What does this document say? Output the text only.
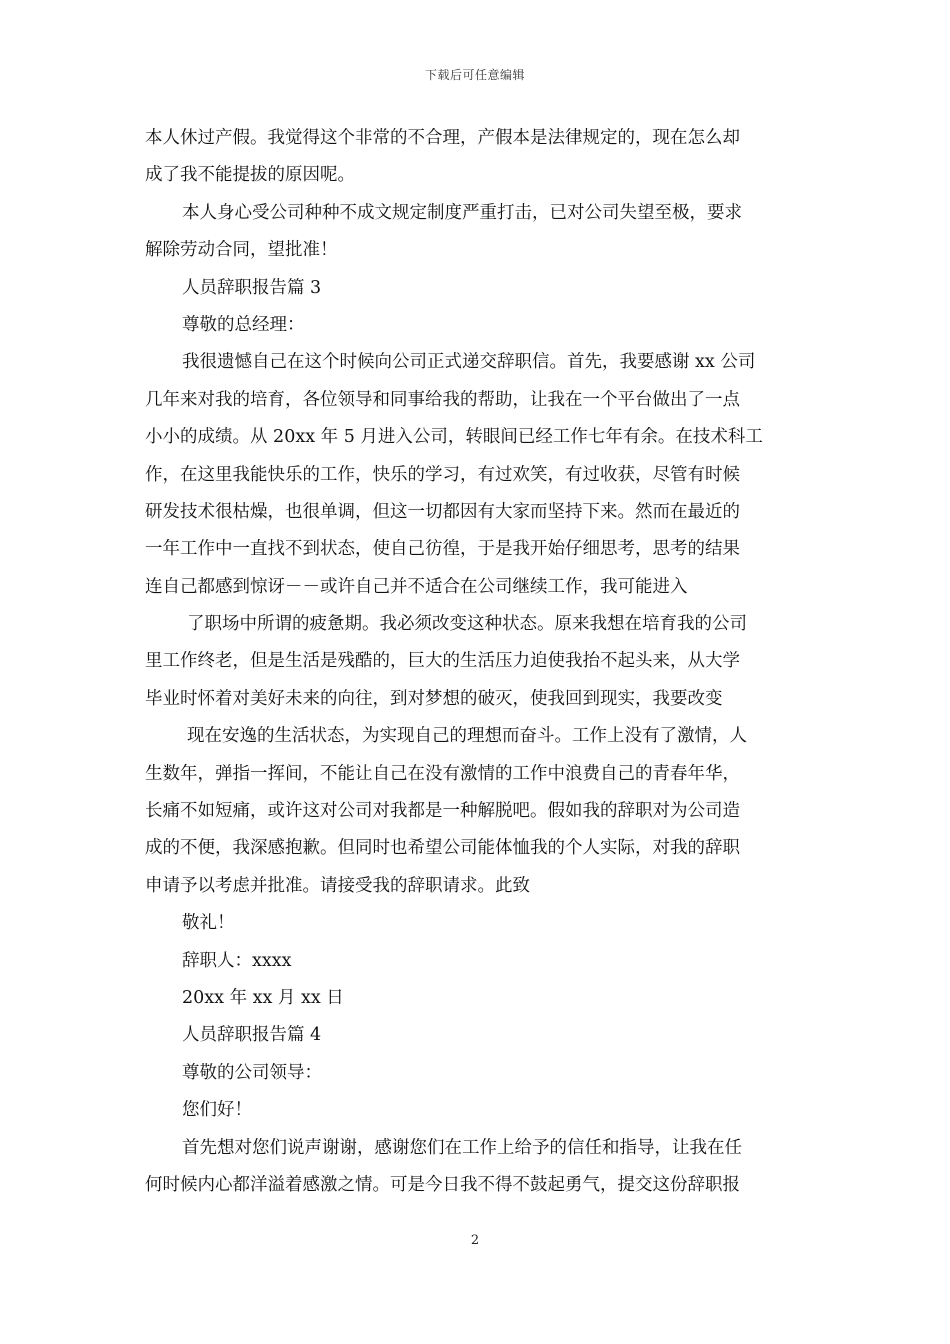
下载后可任意编辑
本人休过产假。我觉得这个非常的不合理，产假本是法律规定的，现在怎么却
成了我不能提拔的原因呢。
本人身心受公司种种不成文规定制度严重打击，已对公司失望至极，要求
解除劳动合同，望批准！
人员辞职报告篇 3
尊敬的总经理：
我很遗憾自己在这个时候向公司正式递交辞职信。首先，我要感谢 xx 公司
几年来对我的培育，各位领导和同事给我的帮助，让我在一个平台做出了一点
小小的成绩。从 20xx 年 5 月进入公司，转眼间已经工作七年有余。在技术科工
作，在这里我能快乐的工作，快乐的学习，有过欢笑，有过收获，尽管有时候
研发技术很枯燥，也很单调，但这一切都因有大家而坚持下来。然而在最近的
一年工作中一直找不到状态，使自己彷徨，于是我开始仔细思考，思考的结果
连自己都感到惊讶－－或许自己并不适合在公司继续工作，我可能进入
了职场中所谓的疲惫期。我必须改变这种状态。原来我想在培育我的公司
里工作终老，但是生活是残酷的，巨大的生活压力迫使我抬不起头来，从大学
毕业时怀着对美好未来的向往，到对梦想的破灭，使我回到现实，我要改变
现在安逸的生活状态，为实现自己的理想而奋斗。工作上没有了激情，人
生数年，弹指一挥间，不能让自己在没有激情的工作中浪费自己的青春年华，
长痛不如短痛，或许这对公司对我都是一种解脱吧。假如我的辞职对为公司造
成的不便，我深感抱歉。但同时也希望公司能体恤我的个人实际，对我的辞职
申请予以考虑并批准。请接受我的辞职请求。此致
敬礼！
辞职人：xxxx
20xx 年 xx 月 xx 日
人员辞职报告篇 4
尊敬的公司领导：
您们好！
首先想对您们说声谢谢，感谢您们在工作上给予的信任和指导，让我在任
何时候内心都洋溢着感激之情。可是今日我不得不鼓起勇气，提交这份辞职报
2
